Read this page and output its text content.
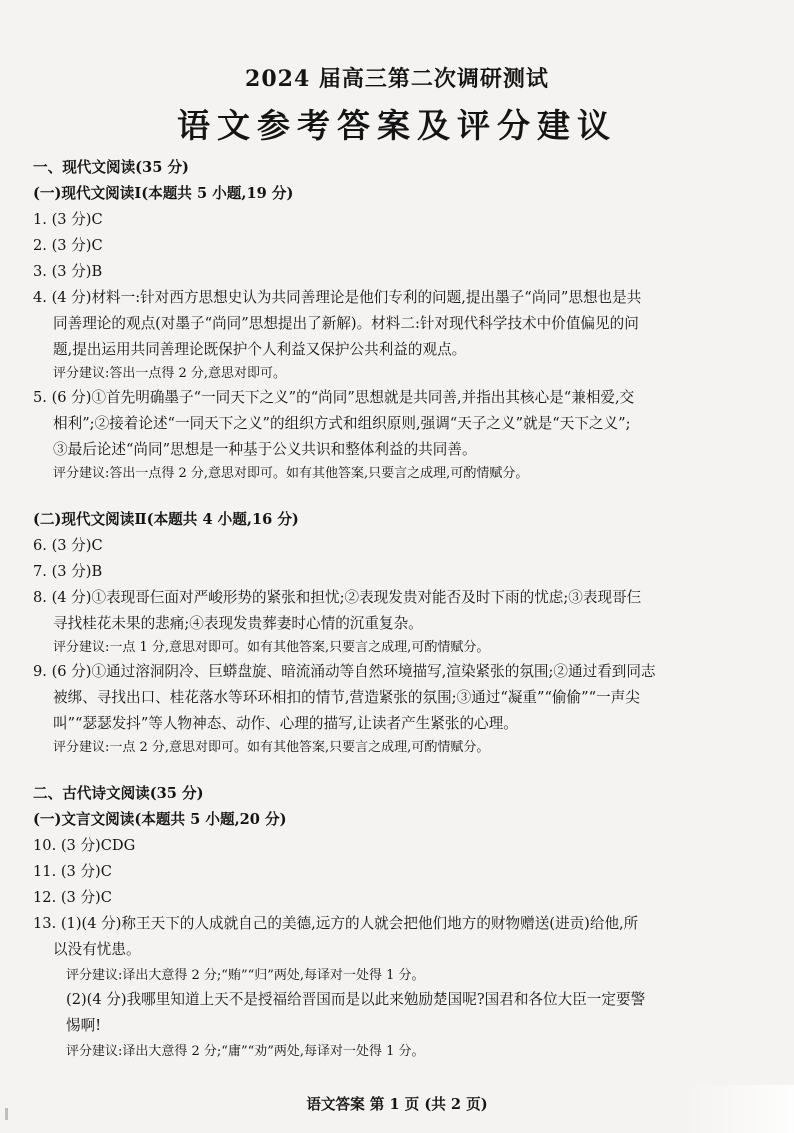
2024 届高三第二次调研测试
语文参考答案及评分建议
一、现代文阅读(35 分)
(一)现代文阅读Ⅰ(本题共 5 小题,19 分)
1. (3 分)C
2. (3 分)C
3. (3 分)B
4. (4 分)材料一:针对西方思想史认为共同善理论是他们专利的问题,提出墨子“尚同”思想也是共
同善理论的观点(对墨子“尚同”思想提出了新解)。材料二:针对现代科学技术中价值偏见的问
题,提出运用共同善理论既保护个人利益又保护公共利益的观点。
评分建议:答出一点得 2 分,意思对即可。
5. (6 分)①首先明确墨子“一同天下之义”的“尚同”思想就是共同善,并指出其核心是“兼相爱,交
相利”;②接着论述“一同天下之义”的组织方式和组织原则,强调“天子之义”就是“天下之义”;
③最后论述“尚同”思想是一种基于公义共识和整体利益的共同善。
评分建议:答出一点得 2 分,意思对即可。如有其他答案,只要言之成理,可酌情赋分。
(二)现代文阅读Ⅱ(本题共 4 小题,16 分)
6. (3 分)C
7. (3 分)B
8. (4 分)①表现哥仨面对严峻形势的紧张和担忧;②表现发贵对能否及时下雨的忧虑;③表现哥仨
寻找桂花未果的悲痛;④表现发贵葬妻时心情的沉重复杂。
评分建议:一点 1 分,意思对即可。如有其他答案,只要言之成理,可酌情赋分。
9. (6 分)①通过溶洞阴冷、巨蟒盘旋、暗流涌动等自然环境描写,渲染紧张的氛围;②通过看到同志
被绑、寻找出口、桂花落水等环环相扣的情节,营造紧张的氛围;③通过“凝重”“偷偷”“一声尖
叫”“瑟瑟发抖”等人物神态、动作、心理的描写,让读者产生紧张的心理。
评分建议:一点 2 分,意思对即可。如有其他答案,只要言之成理,可酌情赋分。
二、古代诗文阅读(35 分)
(一)文言文阅读(本题共 5 小题,20 分)
10. (3 分)CDG
11. (3 分)C
12. (3 分)C
13. (1)(4 分)称王天下的人成就自己的美德,远方的人就会把他们地方的财物赠送(进贡)给他,所
以没有忧患。
评分建议:译出大意得 2 分;“贿”“归”两处,每译对一处得 1 分。
(2)(4 分)我哪里知道上天不是授福给晋国而是以此来勉励楚国呢?国君和各位大臣一定要警
惕啊!
评分建议:译出大意得 2 分;“庸”“劝”两处,每译对一处得 1 分。
语文答案 第 1 页 (共 2 页)
